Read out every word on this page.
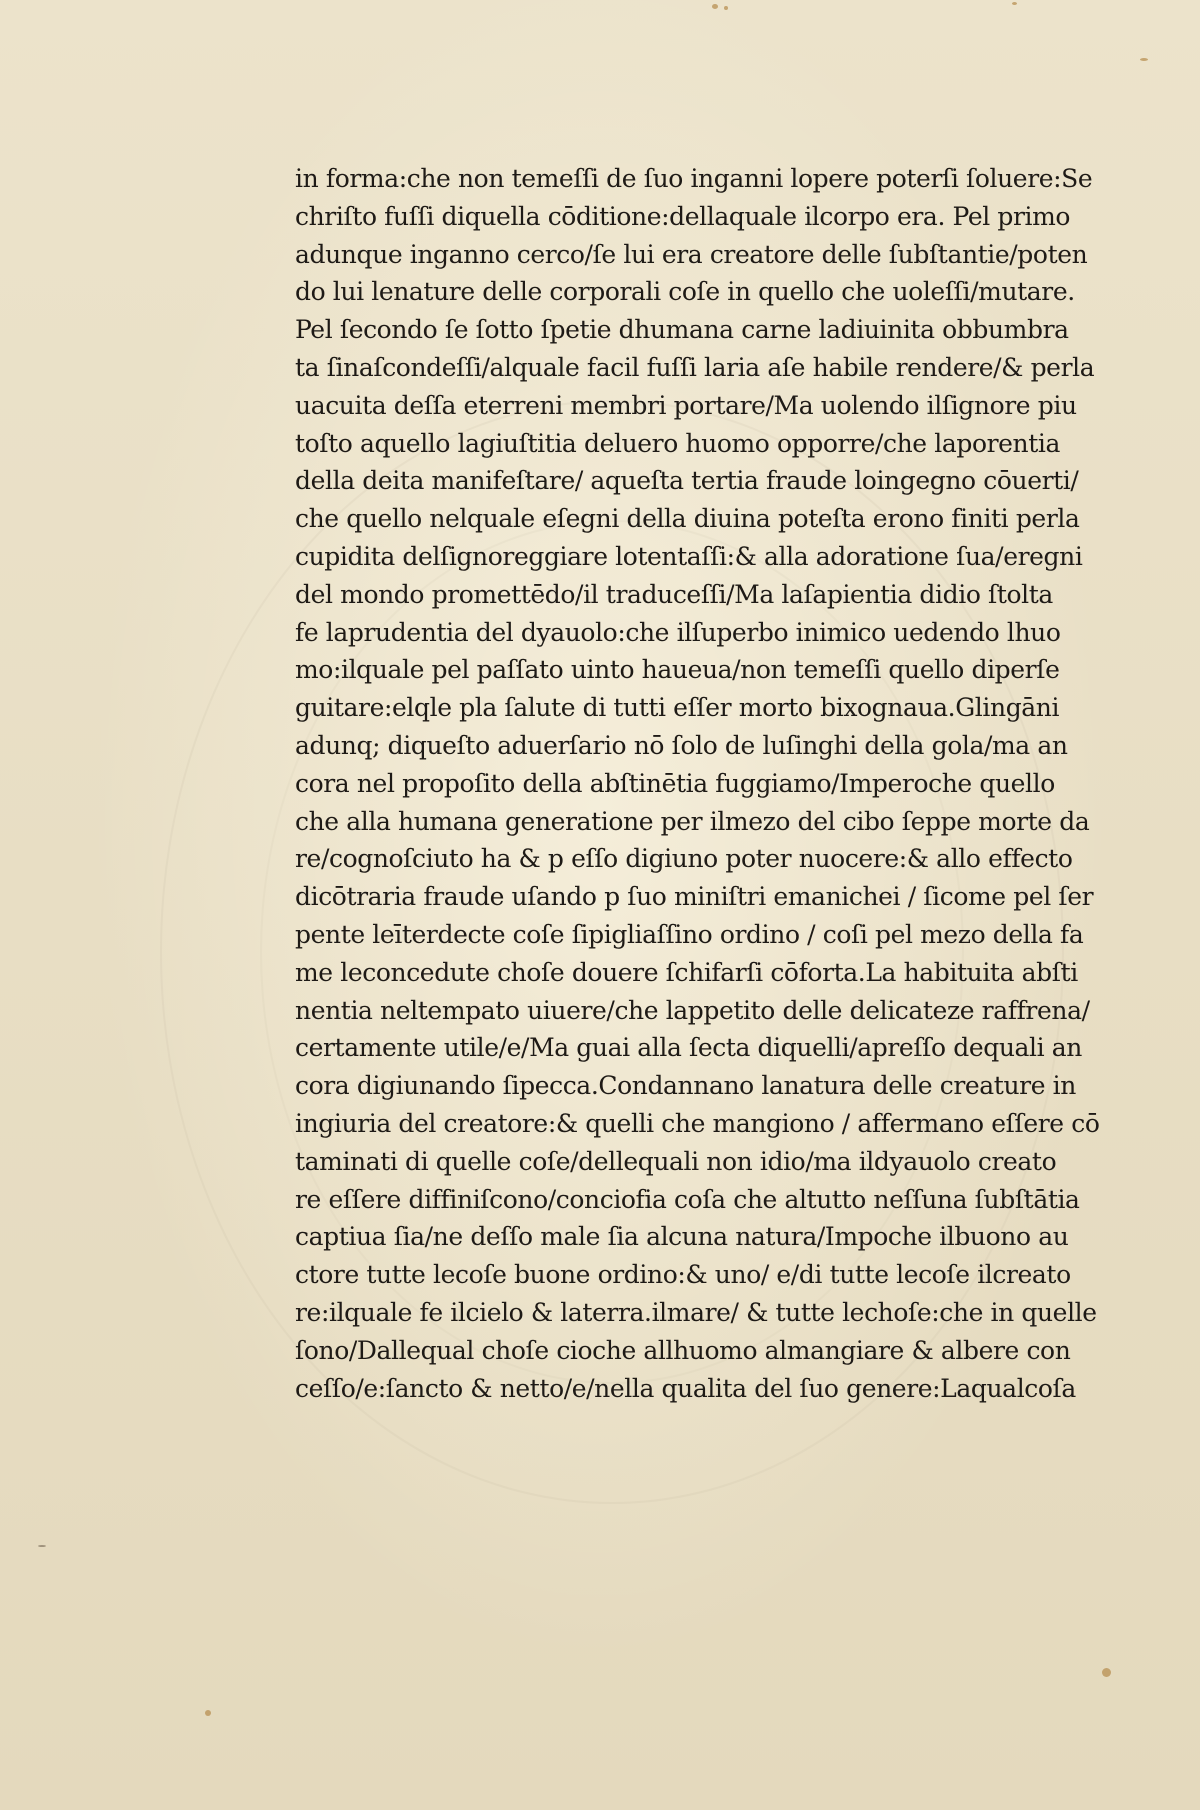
in forma:che non temeſſi de ſuo inganni lopere poterſi ſoluere:Se
chriſto fuſſi diquella cōditione:dellaquale ilcorpo era. Pel primo
adunque inganno cerco/ſe lui era creatore delle ſubſtantie/poten
do lui lenature delle corporali coſe in quello che uoleſſi/mutare.
Pel ſecondo ſe ſotto ſpetie dhumana carne ladiuinita obbumbra
ta ſinaſcondeſſi/alquale facil fuſſi laria aſe habile rendere/& perla
uacuita deſſa eterreni membri portare/Ma uolendo ilſignore piu
toſto aquello lagiuſtitia deluero huomo opporre/che laporentia
della deita manifeſtare/ aqueſta tertia fraude loingegno cōuerti/
che quello nelquale eſegni della diuina poteſta erono finiti perla
cupidita delſignoreggiare lotentaſſi:& alla adoratione ſua/eregni
del mondo promettēdo/il traduceſſi/Ma laſapientia didio ſtolta
fe laprudentia del dyauolo:che ilſuperbo inimico uedendo lhuo
mo:ilquale pel paſſato uinto haueua/non temeſſi quello diperſe
guitare:elqle pla ſalute di tutti eſſer morto bixognaua.Glingāni
adunq; diqueſto aduerſario nō ſolo de luſinghi della gola/ma an
cora nel propoſito della abſtinētia fuggiamo/Imperoche quello
che alla humana generatione per ilmezo del cibo ſeppe morte da
re/cognoſciuto ha & p eſſo digiuno poter nuocere:& allo effecto
dicōtraria fraude uſando p ſuo miniſtri emanichei / ſicome pel ſer
pente leīterdecte coſe ſipigliaſſino ordino / coſi pel mezo della fa
me leconcedute choſe douere ſchifarſi cōforta.La habituita abſti
nentia neltempato uiuere/che lappetito delle delicateze raffrena/
certamente utile/e/Ma guai alla ſecta diquelli/apreſſo dequali an
cora digiunando ſipecca.Condannano lanatura delle creature in
ingiuria del creatore:& quelli che mangiono / affermano eſſere cō
taminati di quelle coſe/dellequali non idio/ma ildyauolo creato
re eſſere diffiniſcono/conciofia coſa che altutto neſſuna ſubſtātia
captiua ſia/ne deſſo male ſia alcuna natura/Impoche ilbuono au
ctore tutte lecoſe buone ordino:& uno/ e/di tutte lecoſe ilcreato
re:ilquale fe ilcielo & laterra.ilmare/ & tutte lechoſe:che in quelle
ſono/Dallequal choſe cioche allhuomo almangiare & albere con
ceſſo/e:ſancto & netto/e/nella qualita del ſuo genere:Laqualcoſa
